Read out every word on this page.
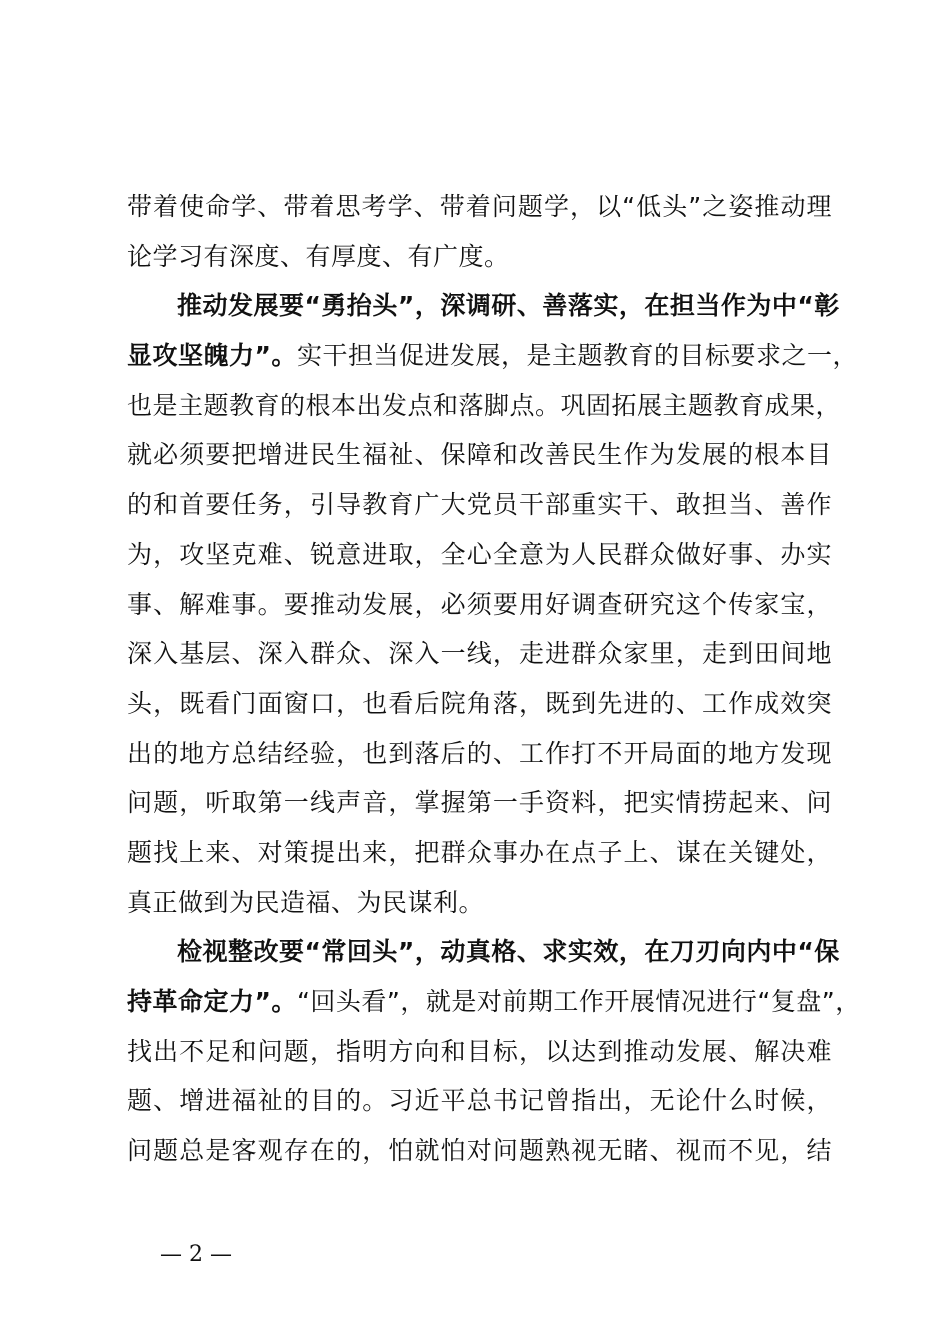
带着使命学、带着思考学、带着问题学，以“低头”之姿推动理
论学习有深度、有厚度、有广度。
推动发展要“勇抬头”，深调研、善落实，在担当作为中“彰
显攻坚魄力”。实干担当促进发展，是主题教育的目标要求之一，
也是主题教育的根本出发点和落脚点。巩固拓展主题教育成果，
就必须要把增进民生福祉、保障和改善民生作为发展的根本目
的和首要任务，引导教育广大党员干部重实干、敢担当、善作
为，攻坚克难、锐意进取，全心全意为人民群众做好事、办实
事、解难事。要推动发展，必须要用好调查研究这个传家宝，
深入基层、深入群众、深入一线，走进群众家里，走到田间地
头，既看门面窗口，也看后院角落，既到先进的、工作成效突
出的地方总结经验，也到落后的、工作打不开局面的地方发现
问题，听取第一线声音，掌握第一手资料，把实情捞起来、问
题找上来、对策提出来，把群众事办在点子上、谋在关键处，
真正做到为民造福、为民谋利。
检视整改要“常回头”，动真格、求实效，在刀刃向内中“保
持革命定力”。“回头看”，就是对前期工作开展情况进行“复盘”，
找出不足和问题，指明方向和目标，以达到推动发展、解决难
题、增进福祉的目的。习近平总书记曾指出，无论什么时候，
问题总是客观存在的，怕就怕对问题熟视无睹、视而不见，结
— 2 —
